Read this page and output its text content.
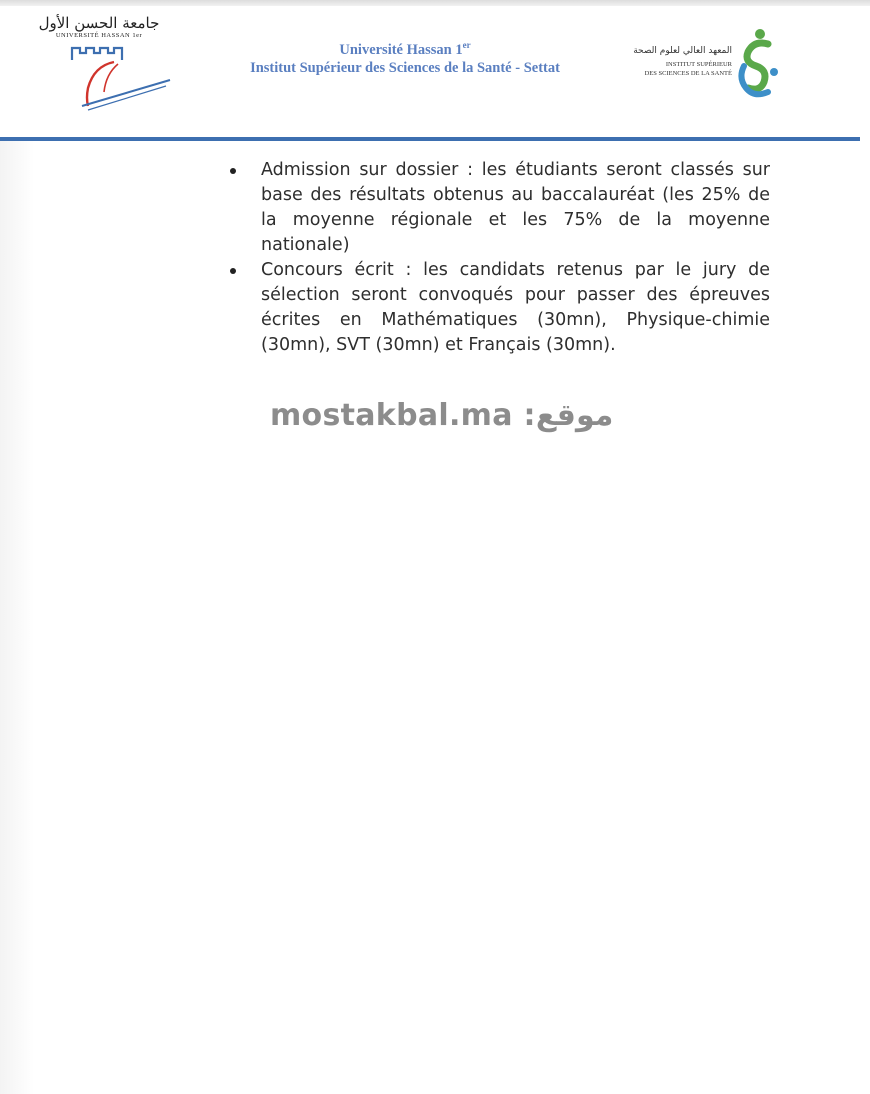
جامعة الحسن الأول
UNIVERSITÉ HASSAN 1er
Université Hassan 1er
Institut Supérieur des Sciences de la Santé - Settat
المعهد العالي لعلوم الصحة
INSTITUT SUPÉRIEUR
DES SCIENCES DE LA SANTÉ
Admission sur dossier : les étudiants seront classés sur base des résultats obtenus au baccalauréat (les 25% de la moyenne régionale et les 75% de la moyenne nationale)
Concours écrit : les candidats retenus par le jury de sélection seront convoqués pour passer des épreuves écrites en Mathématiques (30mn), Physique-chimie (30mn), SVT (30mn) et Français (30mn).
mostakbal.ma :موقع
